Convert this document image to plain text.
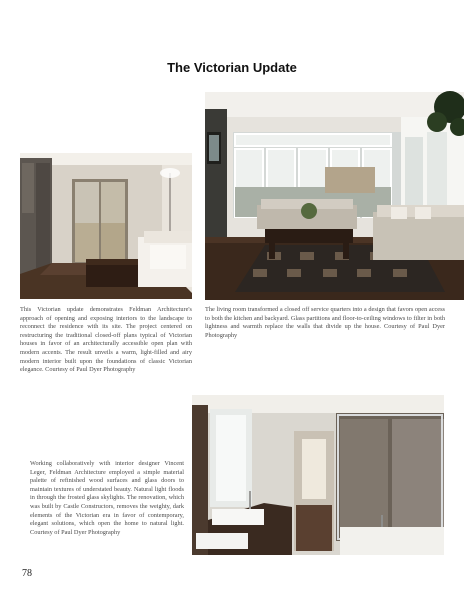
The Victorian Update
This Victorian update demonstrates Feldman Architecture's approach of opening and exposing interiors to the landscape to reconnect the residence with its site. The project centered on restructuring the traditional closed-off plans typical of Victorian houses in favor of an architecturally accessible open plan with modern accents. The result unveils a warm, light-filled and airy modern interior built upon the foundations of classic Victorian elegance. Courtesy of Paul Dyer Photography
The living room transformed a closed off service quarters into a design that favors open access to both the kitchen and backyard. Glass partitions and floor-to-ceiling windows to filter in both lightness and warmth replace the walls that divide up the house. Courtesy of Paul Dyer Photography
Working collaboratively with interior designer Vincent Leger, Feldman Architecture employed a simple material palette of refinished wood surfaces and glass doors to maintain textures of understated beauty. Natural light floods in through the frosted glass skylights. The renovation, which was built by Castle Constructors, removes the weighty, dark elements of the Victorian era in favor of contemporary, elegant solutions, which open the home to natural light. Courtesy of Paul Dyer Photography
78
